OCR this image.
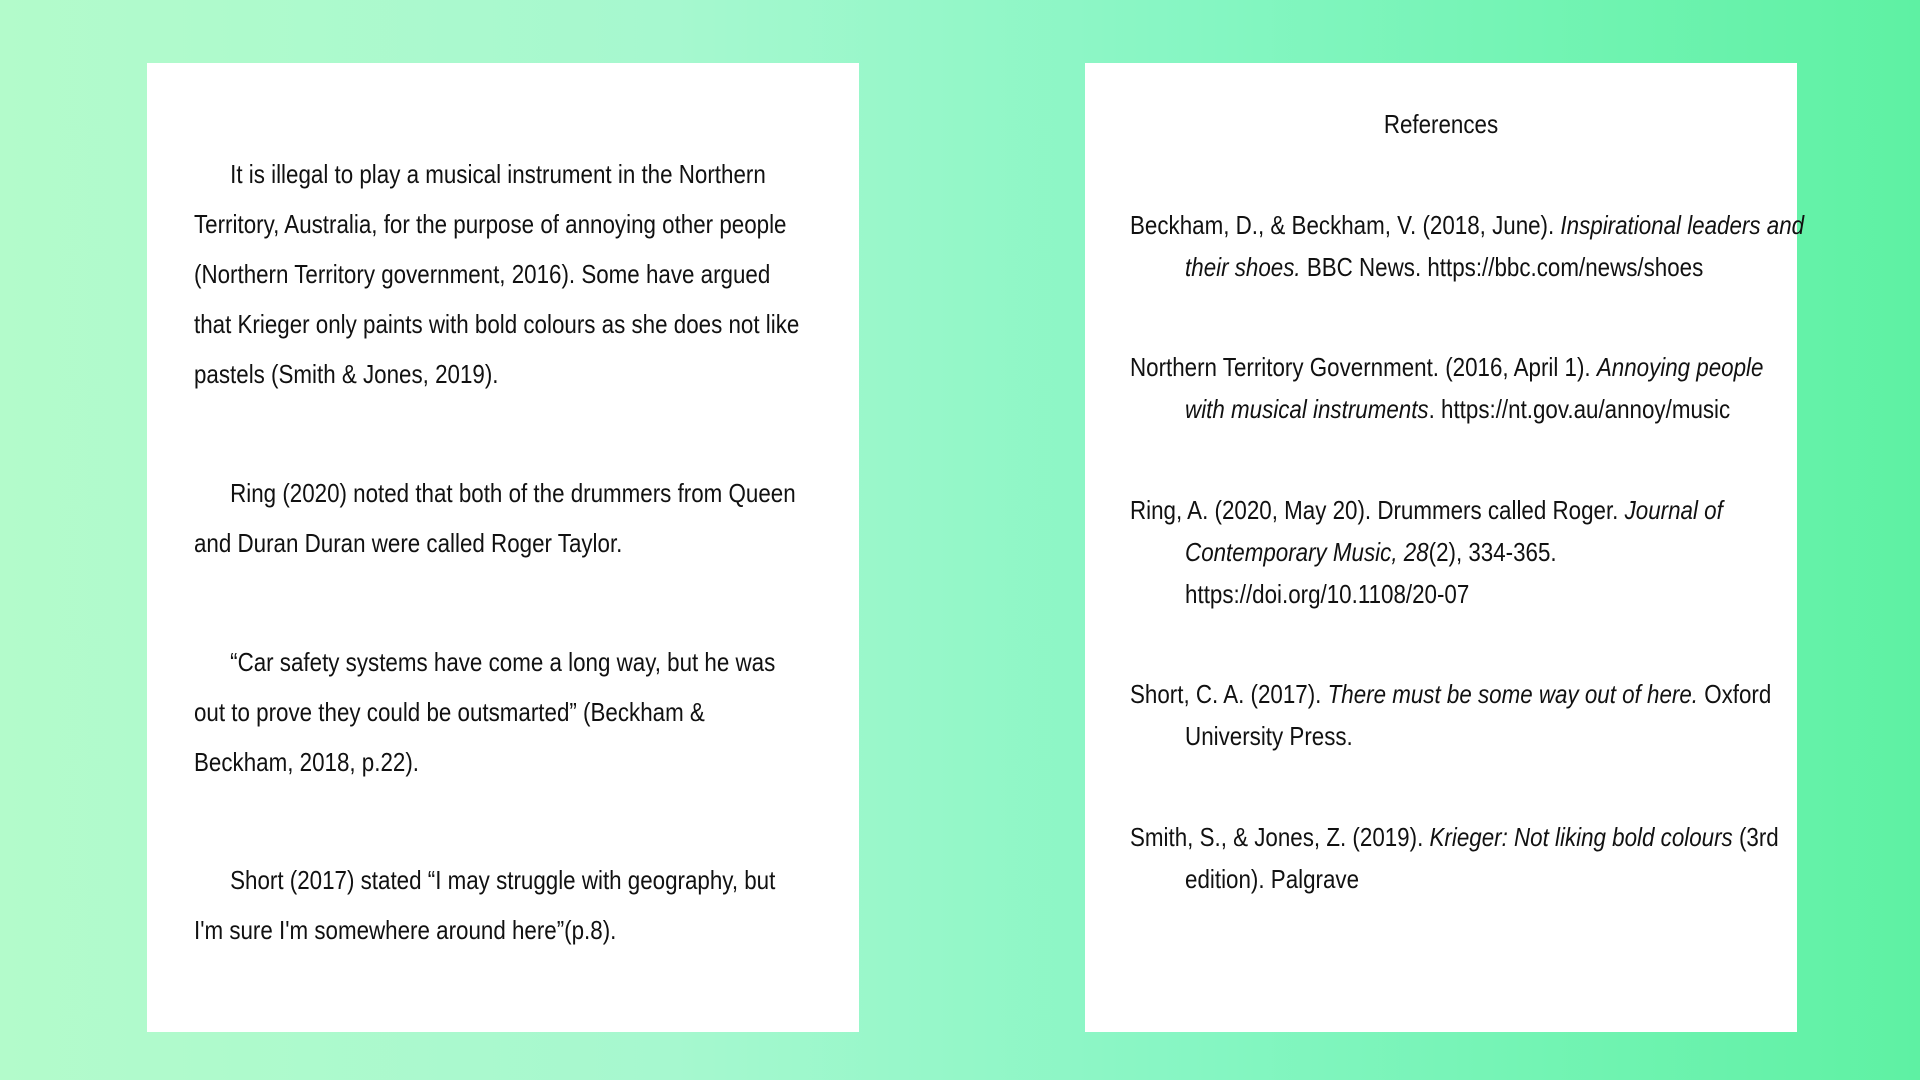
It is illegal to play a musical instrument in the Northern
Territory, Australia, for the purpose of annoying other people
(Northern Territory government, 2016). Some have argued
that Krieger only paints with bold colours as she does not like
pastels (Smith & Jones, 2019).
Ring (2020) noted that both of the drummers from Queen
and Duran Duran were called Roger Taylor.
“Car safety systems have come a long way, but he was
out to prove they could be outsmarted” (Beckham &
Beckham, 2018, p.22).
Short (2017) stated “I may struggle with geography, but
I'm sure I'm somewhere around here”(p.8).
References
Beckham, D., & Beckham, V. (2018, June). Inspirational leaders and
their shoes. BBC News. https://bbc.com/news/shoes
Northern Territory Government. (2016, April 1). Annoying people
with musical instruments. https://nt.gov.au/annoy/music
Ring, A. (2020, May 20). Drummers called Roger. Journal of
Contemporary Music, 28(2), 334-365.
https://doi.org/10.1108/20-07
Short, C. A. (2017). There must be some way out of here. Oxford
University Press.
Smith, S., & Jones, Z. (2019). Krieger: Not liking bold colours (3rd
edition). Palgrave
